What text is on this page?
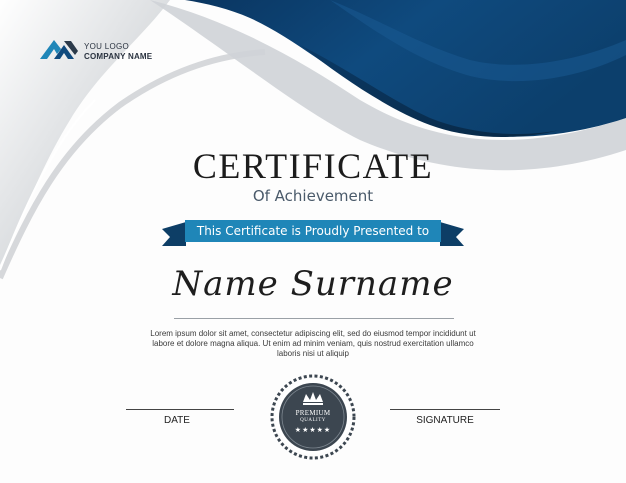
YOU LOGO
COMPANY NAME
CERTIFICATE
Of Achievement
This Certificate is Proudly Presented to
Name Surname
Lorem ipsum dolor sit amet, consectetur adipiscing elit, sed do eiusmod tempor incididunt ut labore et dolore magna aliqua. Ut enim ad minim veniam, quis nostrud exercitation ullamco laboris nisi ut aliquip
DATE	SIGNATURE
PREMIUM
QUALITY
★★★★★
